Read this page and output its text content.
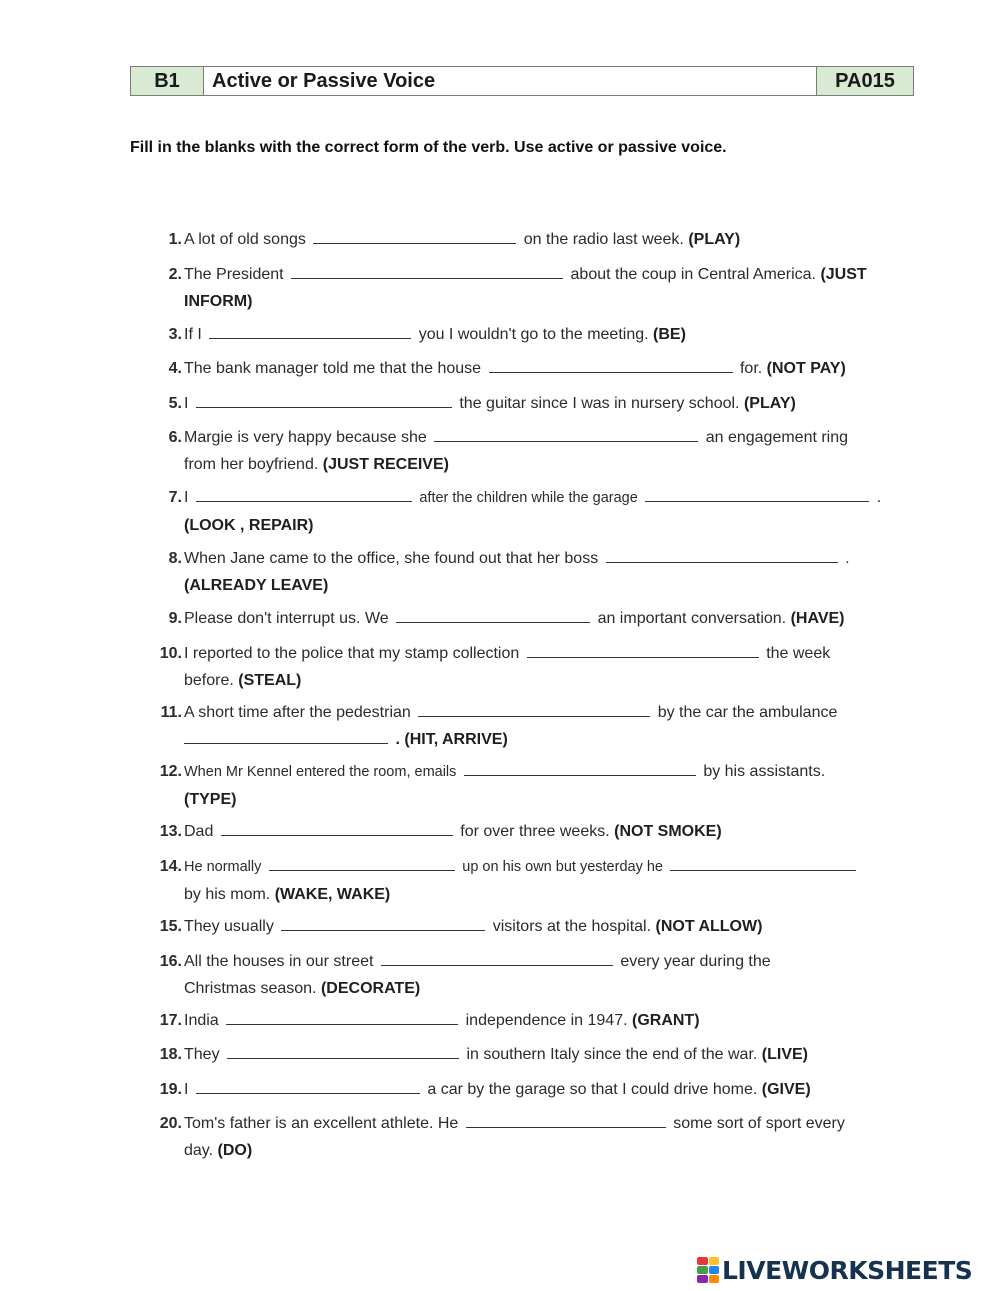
B1	Active or Passive Voice	PA015
Fill in the blanks with the correct form of the verb. Use active or passive voice.
1. A lot of old songs	on the radio last week. (PLAY)
2. The President	about the coup in Central America. (JUST INFORM)
3. If I	you I wouldn't go to the meeting. (BE)
4. The bank manager told me that the house	for. (NOT PAY)
5. I	the guitar since I was in nursery school. (PLAY)
6. Margie is very happy because she	an engagement ring from her boyfriend. (JUST RECEIVE)
7. I	after the children while the garage	.
(LOOK , REPAIR)
8. When Jane came to the office, she found out that her boss	.
(ALREADY LEAVE)
9. Please don't interrupt us. We	an important conversation. (HAVE)
10. I reported to the police that my stamp collection	the week before. (STEAL)
11. A short time after the pedestrian	by the car the ambulance
. (HIT, ARRIVE)
12. When Mr Kennel entered the room, emails	by his assistants.
(TYPE)
13. Dad	for over three weeks. (NOT SMOKE)
14. He normally	up on his own but yesterday he
by his mom. (WAKE, WAKE)
15. They usually	visitors at the hospital. (NOT ALLOW)
16. All the houses in our street	every year during the Christmas season. (DECORATE)
17. India	independence in 1947. (GRANT)
18. They	in southern Italy since the end of the war. (LIVE)
19. I	a car by the garage so that I could drive home. (GIVE)
20. Tom's father is an excellent athlete. He	some sort of sport every day. (DO)
LIVEWORKSHEETS
